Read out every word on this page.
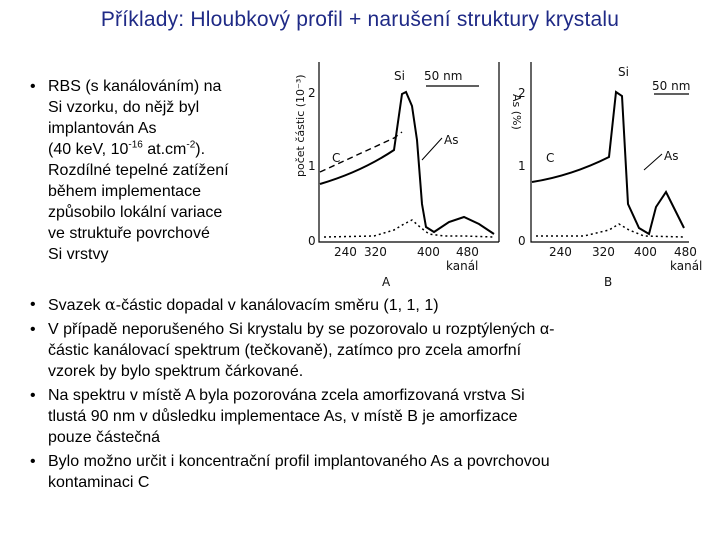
Příklady: Hloubkový profil + narušení struktury krystalu
počet částic (10⁻³)	As (%)
2
1
0
2
1
0
240 320	400 480
kanál
A
240 320 400 480
kanál
B
Si 50 nm
As
C
Si
50 nm
As
C
• RBS (s kanálováním) na
Si vzorku, do nějž byl
implantován As
(40 keV, $10^{-16}$ $at.cm^{-2}$).
Rozdílné tepelné zatížení
během implementace
způsobilo lokální variace
ve struktuře povrchové
Si vrstvy
• Svazek α-částic dopadal v kanálovacím směru (1, 1, 1)
• V případě neporušeného Si krystalu by se pozorovalo u rozptýlených α-
částic kanálovací spektrum (tečkovaně), zatímco pro zcela amorfní
vzorek by bylo spektrum čárkované.
• Na spektru v místě A byla pozorována zcela amorfizovaná vrstva Si
tlustá 90 nm v důsledku implementace As, v místě B je amorfizace
pouze částečná
• Bylo možno určit i koncentrační profil implantovaného As a povrchovou
kontaminaci C
